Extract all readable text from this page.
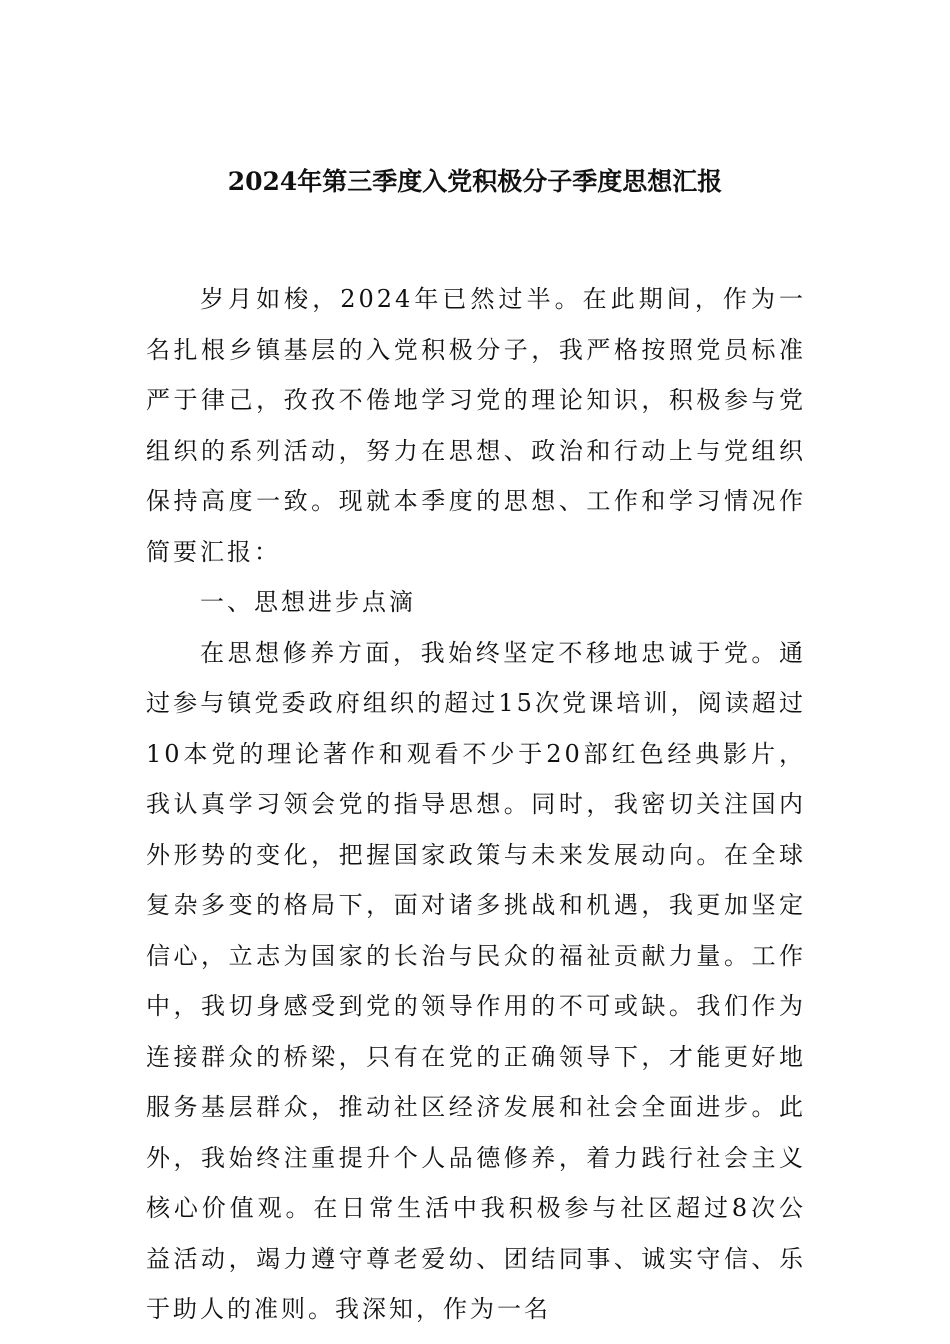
2024年第三季度入党积极分子季度思想汇报

岁月如梭，2024年已然过半。在此期间，作为一名扎根乡镇基层的入党积极分子，我严格按照党员标准严于律己，孜孜不倦地学习党的理论知识，积极参与党组织的系列活动，努力在思想、政治和行动上与党组织保持高度一致。现就本季度的思想、工作和学习情况作简要汇报：

一、思想进步点滴

在思想修养方面，我始终坚定不移地忠诚于党。通过参与镇党委政府组织的超过15次党课培训，阅读超过10本党的理论著作和观看不少于20部红色经典影片，我认真学习领会党的指导思想。同时，我密切关注国内外形势的变化，把握国家政策与未来发展动向。在全球复杂多变的格局下，面对诸多挑战和机遇，我更加坚定信心，立志为国家的长治与民众的福祉贡献力量。工作中，我切身感受到党的领导作用的不可或缺。我们作为连接群众的桥梁，只有在党的正确领导下，才能更好地服务基层群众，推动社区经济发展和社会全面进步。此外，我始终注重提升个人品德修养，着力践行社会主义核心价值观。在日常生活中我积极参与社区超过8次公益活动，竭力遵守尊老爱幼、团结同事、诚实守信、乐于助人的准则。我深知，作为一名
